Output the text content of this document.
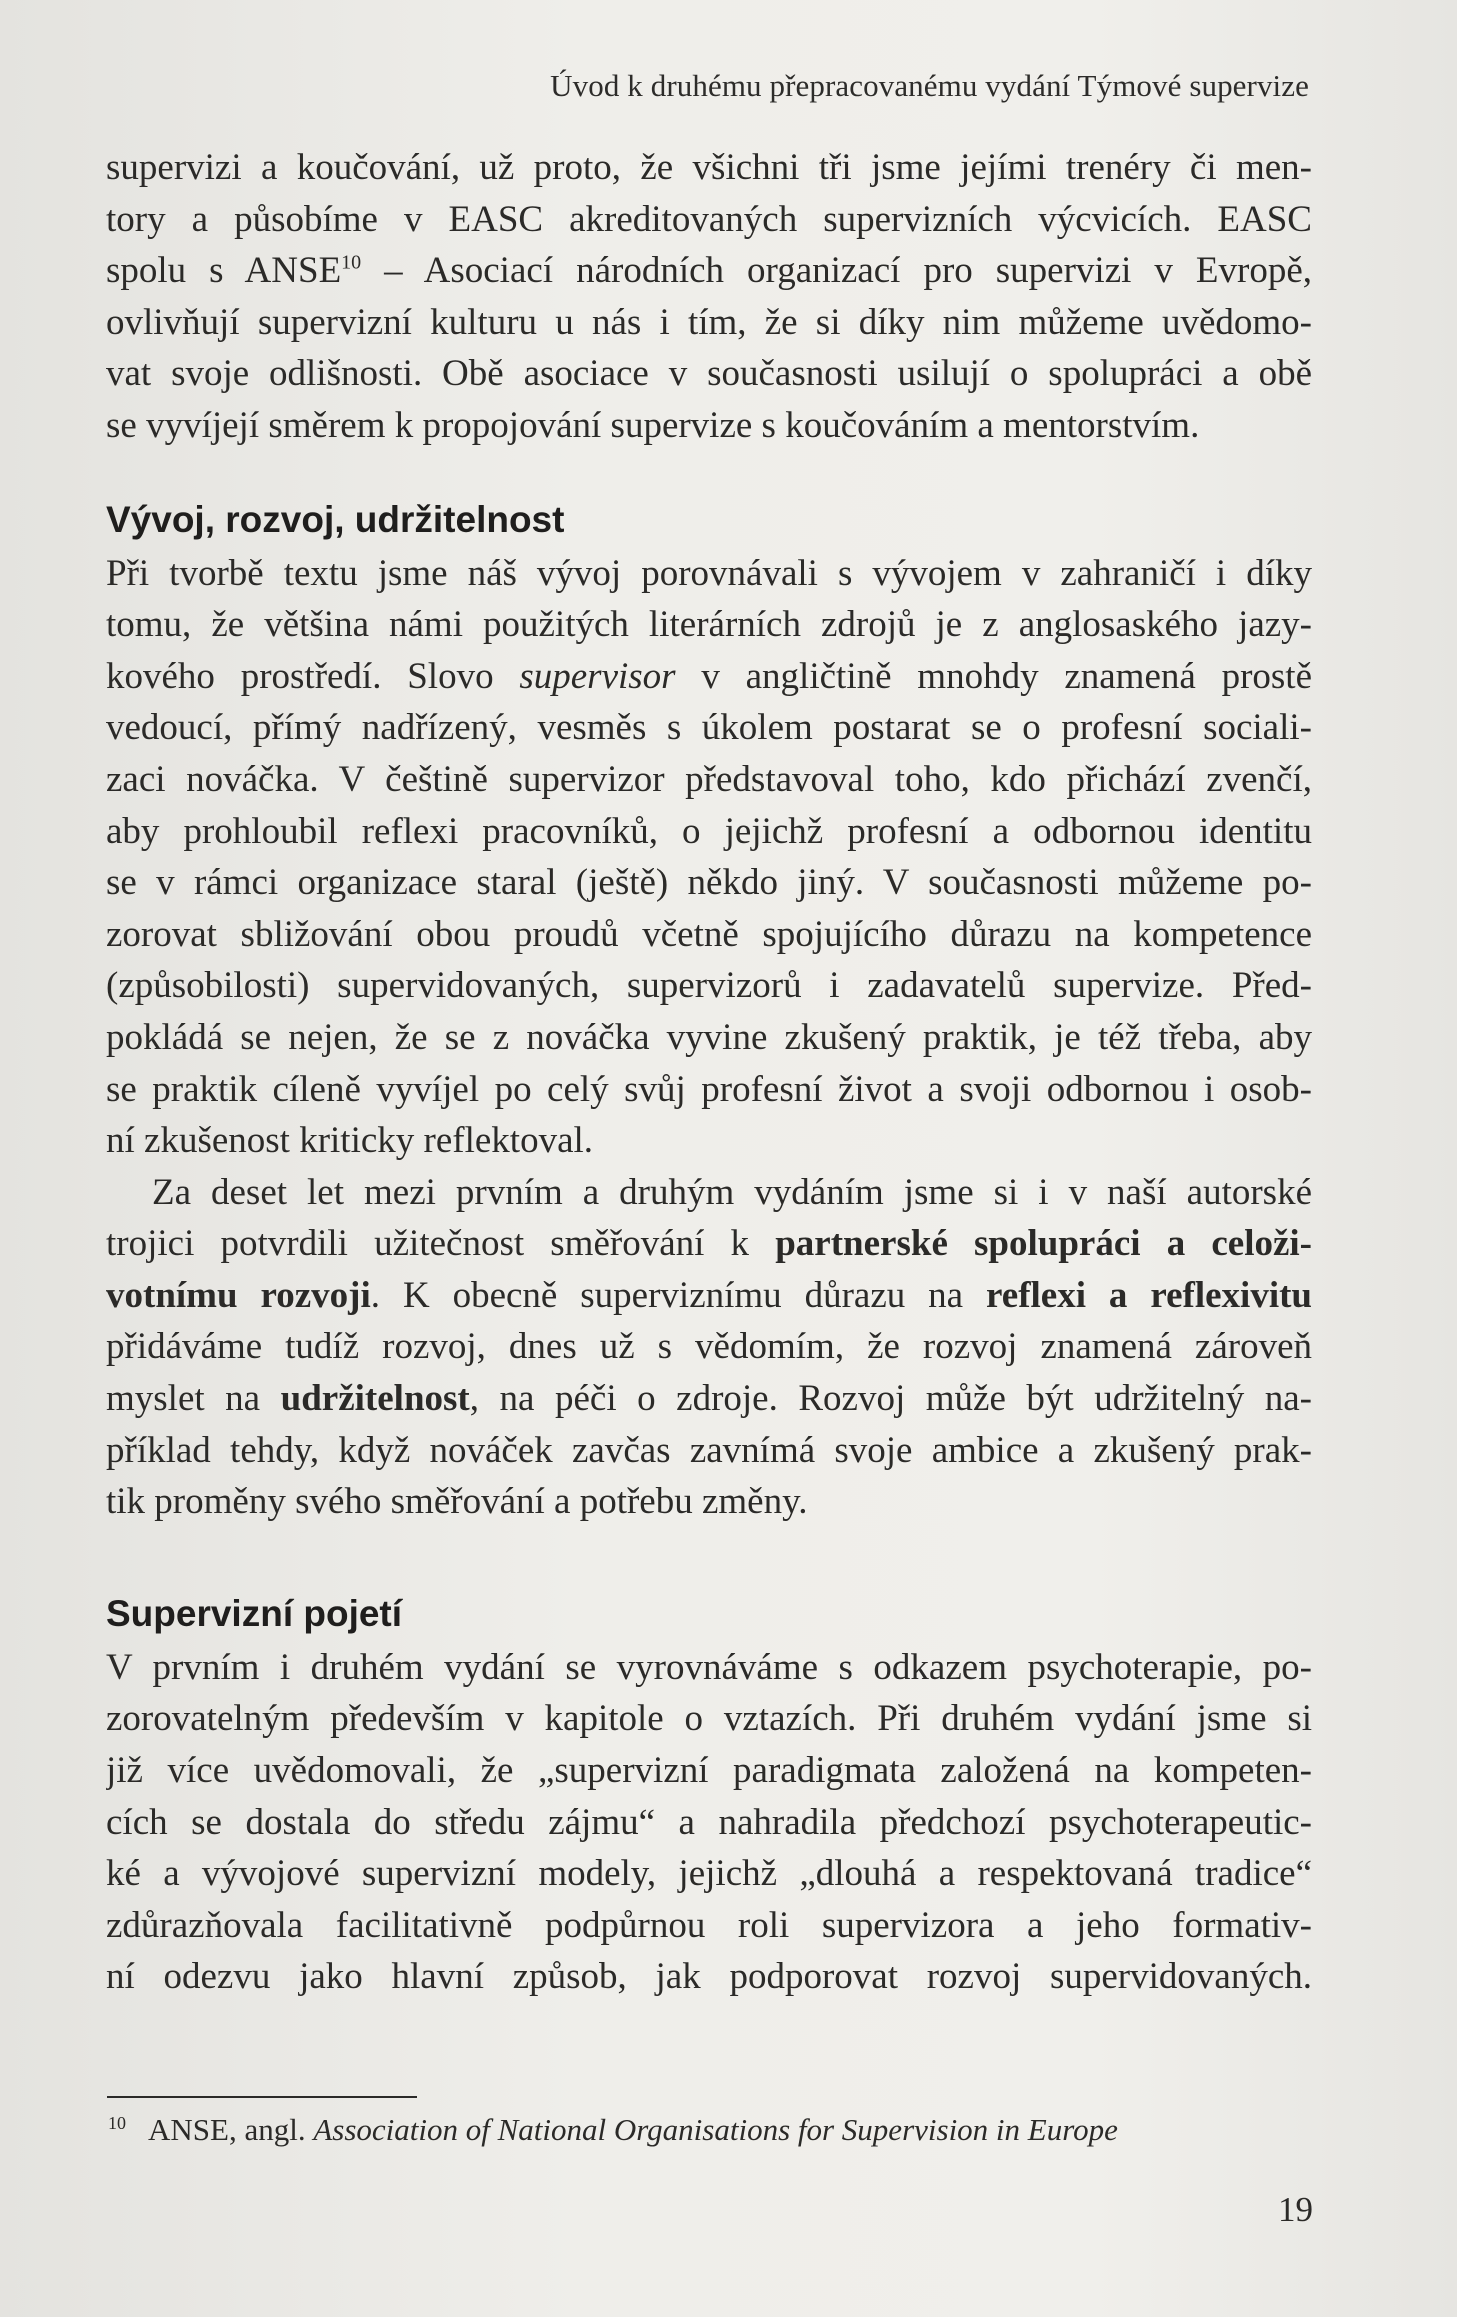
Úvod k druhému přepracovanému vydání Týmové supervize
supervizi a koučování, už proto, že všichni tři jsme jejími trenéry či men-
tory a působíme v EASC akreditovaných supervizních výcvicích. EASC
spolu s ANSE$^{10}$ – Asociací národních organizací pro supervizi v Evropě,
ovlivňují supervizní kulturu u nás i tím, že si díky nim můžeme uvědomo-
vat svoje odlišnosti. Obě asociace v současnosti usilují o spolupráci a obě
se vyvíjejí směrem k propojování supervize s koučováním a mentorstvím.
Vývoj, rozvoj, udržitelnost
Při tvorbě textu jsme náš vývoj porovnávali s vývojem v zahraničí i díky
tomu, že většina námi použitých literárních zdrojů je z anglosaského jazy-
kového prostředí. Slovo supervisor v angličtině mnohdy znamená prostě
vedoucí, přímý nadřízený, vesměs s úkolem postarat se o profesní sociali-
zaci nováčka. V češtině supervizor představoval toho, kdo přichází zvenčí,
aby prohloubil reflexi pracovníků, o jejichž profesní a odbornou identitu
se v rámci organizace staral (ještě) někdo jiný. V současnosti můžeme po-
zorovat sbližování obou proudů včetně spojujícího důrazu na kompetence
(způsobilosti) supervidovaných, supervizorů i zadavatelů supervize. Před-
pokládá se nejen, že se z nováčka vyvine zkušený praktik, je též třeba, aby
se praktik cíleně vyvíjel po celý svůj profesní život a svoji odbornou i osob-
ní zkušenost kriticky reflektoval.
Za deset let mezi prvním a druhým vydáním jsme si i v naší autorské
trojici potvrdili užitečnost směřování k partnerské spolupráci a celoži-
votnímu rozvoji. K obecně superviznímu důrazu na reflexi a reflexivitu
přidáváme tudíž rozvoj, dnes už s vědomím, že rozvoj znamená zároveň
myslet na udržitelnost, na péči o zdroje. Rozvoj může být udržitelný na-
příklad tehdy, když nováček zavčas zavnímá svoje ambice a zkušený prak-
tik proměny svého směřování a potřebu změny.
Supervizní pojetí
V prvním i druhém vydání se vyrovnáváme s odkazem psychoterapie, po-
zorovatelným především v kapitole o vztazích. Při druhém vydání jsme si
již více uvědomovali, že „supervizní paradigmata založená na kompeten-
cích se dostala do středu zájmu“ a nahradila předchozí psychoterapeutic-
ké a vývojové supervizní modely, jejichž „dlouhá a respektovaná tradice“
zdůrazňovala facilitativně podpůrnou roli supervizora a jeho formativ-
ní odezvu jako hlavní způsob, jak podporovat rozvoj supervidovaných.
$^{10}$ ANSE, angl. Association of National Organisations for Supervision in Europe
19
